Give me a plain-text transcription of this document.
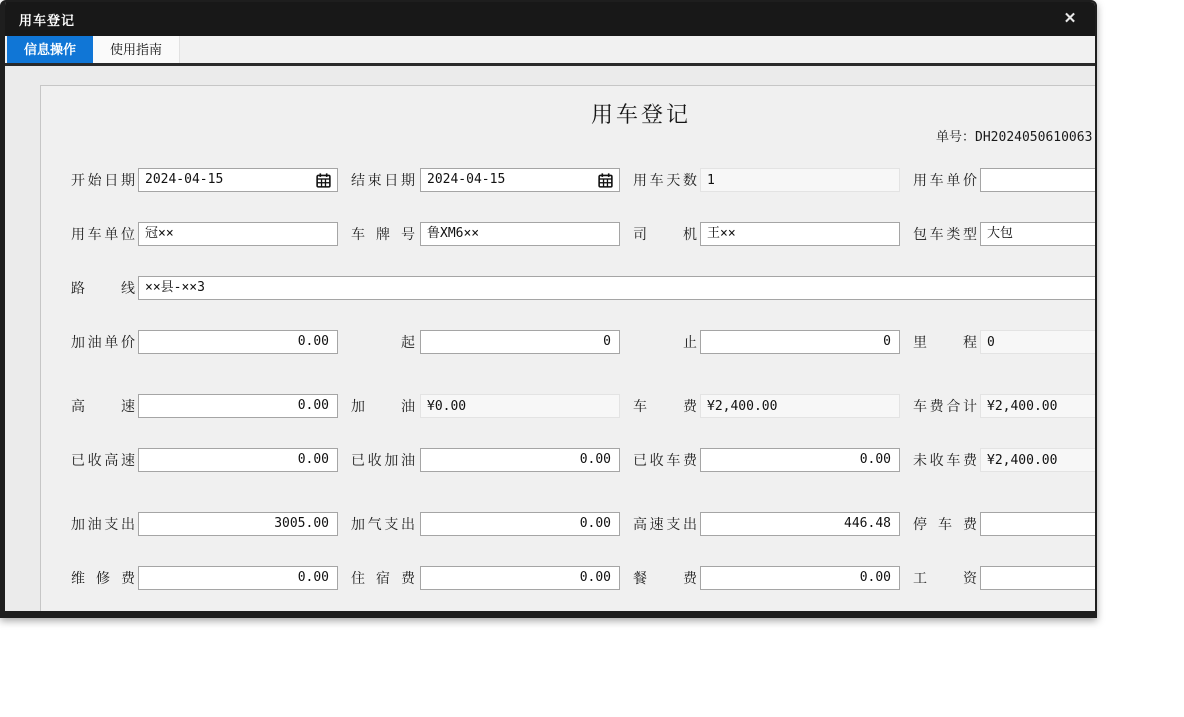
用车登记	✕
信息操作	使用指南
用车登记
单号：DH2024050610063
开始日期 2024-04-15	结束日期 2024-04-15	用车天数 1	用车单价
用车单位 冠××	车 牌 号 鲁XM6××	司 机 王××	包车类型 大包
路 线 ××县-××3
加油单价	0.00	起	0	止	0	里 程 0
高 速	0.00	加 油 ¥0.00	车 费 ¥2,400.00	车费合计 ¥2,400.00
已收高速	0.00	已收加油	0.00	已收车费	0.00	未收车费 ¥2,400.00
加油支出	3005.00	加气支出	0.00	高速支出	446.48	停 车 费
维 修 费	0.00	住 宿 费	0.00	餐 费	0.00	工 资
